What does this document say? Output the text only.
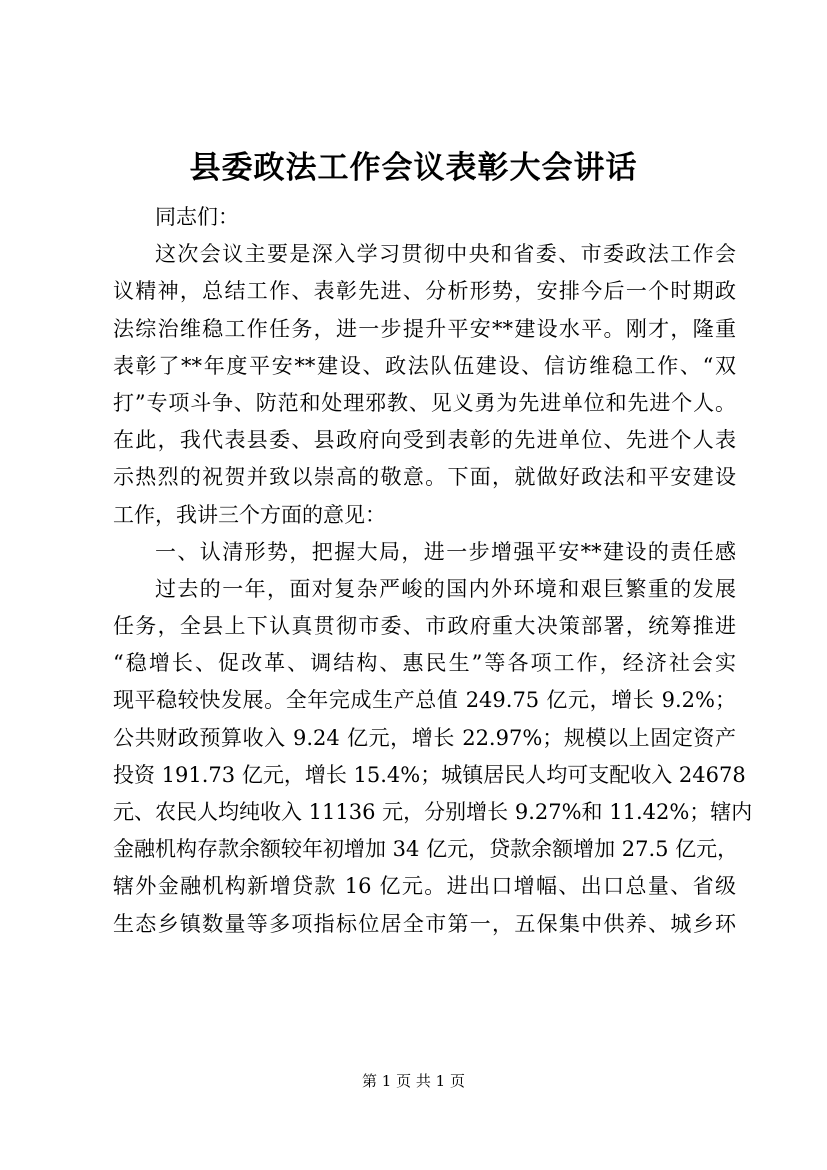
县委政法工作会议表彰大会讲话
同志们：
这次会议主要是深入学习贯彻中央和省委、市委政法工作会
议精神，总结工作、表彰先进、分析形势，安排今后一个时期政
法综治维稳工作任务，进一步提升平安**建设水平。刚才，隆重
表彰了**年度平安**建设、政法队伍建设、信访维稳工作、“双
打”专项斗争、防范和处理邪教、见义勇为先进单位和先进个人。
在此，我代表县委、县政府向受到表彰的先进单位、先进个人表
示热烈的祝贺并致以崇高的敬意。下面，就做好政法和平安建设
工作，我讲三个方面的意见：
一、认清形势，把握大局，进一步增强平安**建设的责任感
过去的一年，面对复杂严峻的国内外环境和艰巨繁重的发展
任务，全县上下认真贯彻市委、市政府重大决策部署，统筹推进
“稳增长、促改革、调结构、惠民生”等各项工作，经济社会实
现平稳较快发展。全年完成生产总值 249.75 亿元，增长 9.2%；
公共财政预算收入 9.24 亿元，增长 22.97%；规模以上固定资产
投资 191.73 亿元，增长 15.4%；城镇居民人均可支配收入 24678
元、农民人均纯收入 11136 元，分别增长 9.27%和 11.42%；辖内
金融机构存款余额较年初增加 34 亿元，贷款余额增加 27.5 亿元，
辖外金融机构新增贷款 16 亿元。进出口增幅、出口总量、省级
生态乡镇数量等多项指标位居全市第一，五保集中供养、城乡环
第 1 页 共 1 页
